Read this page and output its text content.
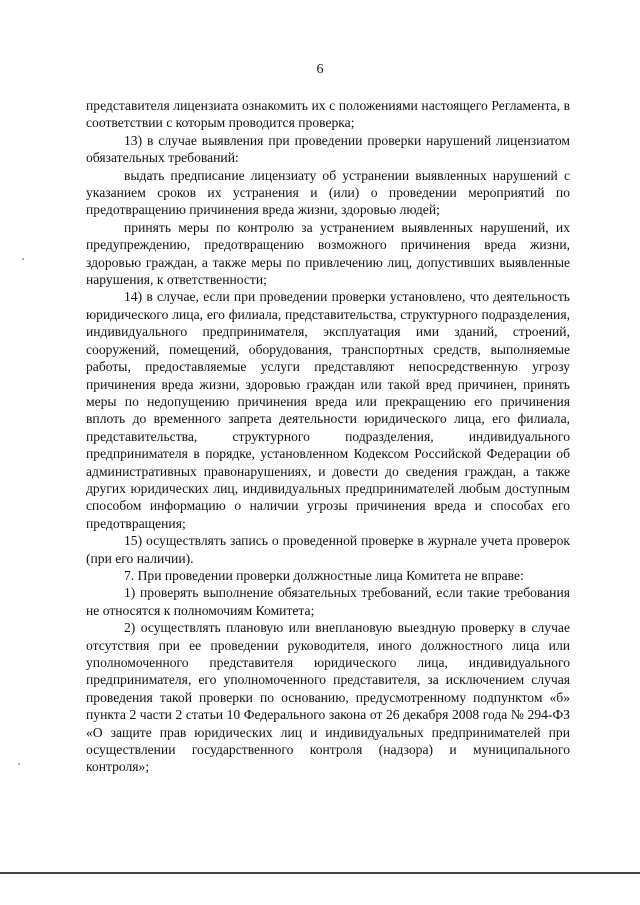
6

представителя лицензиата ознакомить их с положениями настоящего Регламента, в соответствии с которым проводится проверка;

13) в случае выявления при проведении проверки нарушений лицензиатом обязательных требований:

выдать предписание лицензиату об устранении выявленных нарушений с указанием сроков их устранения и (или) о проведении мероприятий по предотвращению причинения вреда жизни, здоровью людей;

принять меры по контролю за устранением выявленных нарушений, их предупреждению, предотвращению возможного причинения вреда жизни, здоровью граждан, а также меры по привлечению лиц, допустивших выявленные нарушения, к ответственности;

14) в случае, если при проведении проверки установлено, что деятельность юридического лица, его филиала, представительства, структурного подразделения, индивидуального предпринимателя, эксплуатация ими зданий, строений, сооружений, помещений, оборудования, транспортных средств, выполняемые работы, предоставляемые услуги представляют непосредственную угрозу причинения вреда жизни, здоровью граждан или такой вред причинен, принять меры по недопущению причинения вреда или прекращению его причинения вплоть до временного запрета деятельности юридического лица, его филиала, представительства, структурного подразделения, индивидуального предпринимателя в порядке, установленном Кодексом Российской Федерации об административных правонарушениях, и довести до сведения граждан, а также других юридических лиц, индивидуальных предпринимателей любым доступным способом информацию о наличии угрозы причинения вреда и способах его предотвращения;

15) осуществлять запись о проведенной проверке в журнале учета проверок (при его наличии).

7. При проведении проверки должностные лица Комитета не вправе:

1) проверять выполнение обязательных требований, если такие требования не относятся к полномочиям Комитета;

2) осуществлять плановую или внеплановую выездную проверку в случае отсутствия при ее проведении руководителя, иного должностного лица или уполномоченного представителя юридического лица, индивидуального предпринимателя, его уполномоченного представителя, за исключением случая проведения такой проверки по основанию, предусмотренному подпунктом «б» пункта 2 части 2 статьи 10 Федерального закона от 26 декабря 2008 года № 294-ФЗ «О защите прав юридических лиц и индивидуальных предпринимателей при осуществлении государственного контроля (надзора) и муниципального контроля»;
